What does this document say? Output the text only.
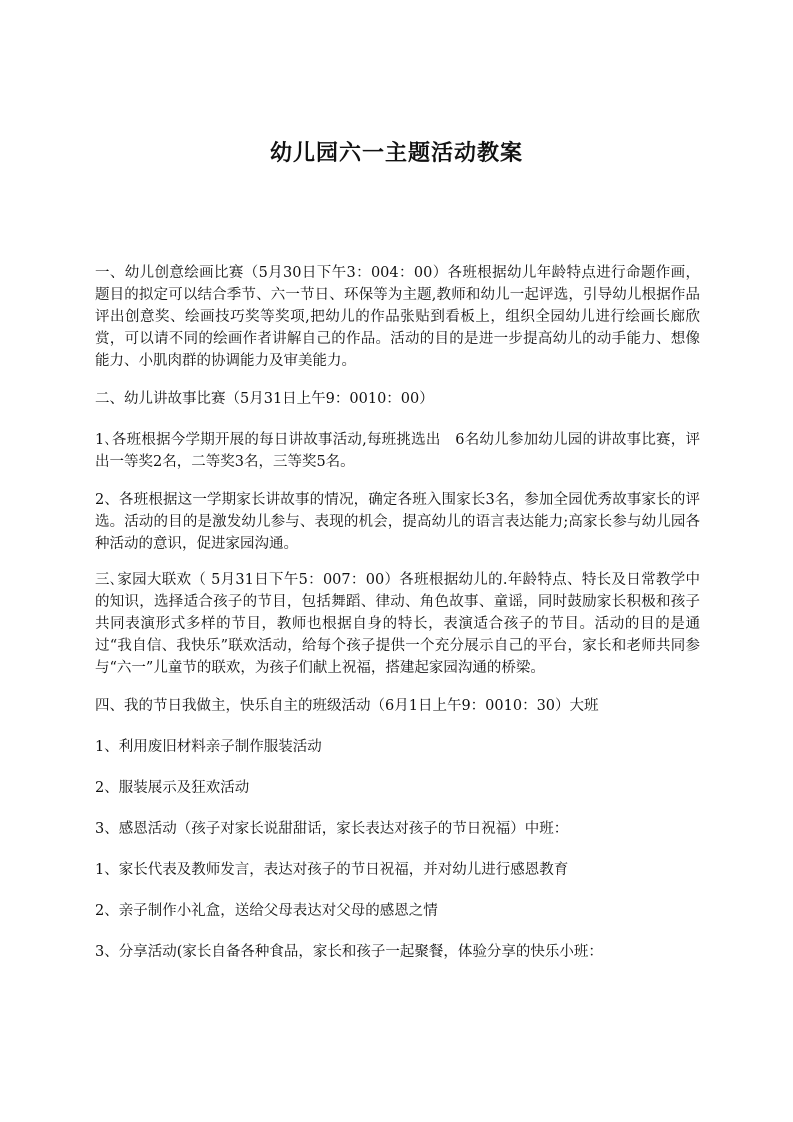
幼儿园六一主题活动教案

一、幼儿创意绘画比赛（5月30日下午3：004：00）各班根据幼儿年龄特点进行命题作画，题目的拟定可以结合季节、六一节日、环保等为主题,教师和幼儿一起评选，引导幼儿根据作品评出创意奖、绘画技巧奖等奖项,把幼儿的作品张贴到看板上，组织全园幼儿进行绘画长廊欣赏，可以请不同的绘画作者讲解自己的作品。活动的目的是进一步提高幼儿的动手能力、想像能力、小肌肉群的协调能力及审美能力。

二、幼儿讲故事比赛（5月31日上午9：0010：00）

1､各班根据今学期开展的每日讲故事活动,每班挑选出　6名幼儿参加幼儿园的讲故事比赛，评出一等奖2名，二等奖3名，三等奖5名。

2、各班根据这一学期家长讲故事的情况，确定各班入围家长3名，参加全园优秀故事家长的评选。活动的目的是激发幼儿参与、表现的机会，提高幼儿的语言表达能力;高家长参与幼儿园各种活动的意识，促进家园沟通。

三､家园大联欢（ 5月31日下午5：007：00）各班根据幼儿的.年龄特点、特长及日常教学中的知识，选择适合孩子的节目，包括舞蹈、律动、角色故事、童谣，同时鼓励家长积极和孩子共同表演形式多样的节目，教师也根据自身的特长，表演适合孩子的节目。活动的目的是通过“我自信、我快乐”联欢活动，给每个孩子提供一个充分展示自己的平台，家长和老师共同参与“六一”儿童节的联欢，为孩子们献上祝福，搭建起家园沟通的桥梁。

四、我的节日我做主，快乐自主的班级活动（6月1日上午9：0010：30）大班

1、利用废旧材料亲子制作服装活动

2、服装展示及狂欢活动

3、感恩活动（孩子对家长说甜甜话，家长表达对孩子的节日祝福）中班：

1、家长代表及教师发言，表达对孩子的节日祝福，并对幼儿进行感恩教育

2、亲子制作小礼盒，送给父母表达对父母的感恩之情

3、分享活动(家长自备各种食品，家长和孩子一起聚餐，体验分享的快乐小班：
